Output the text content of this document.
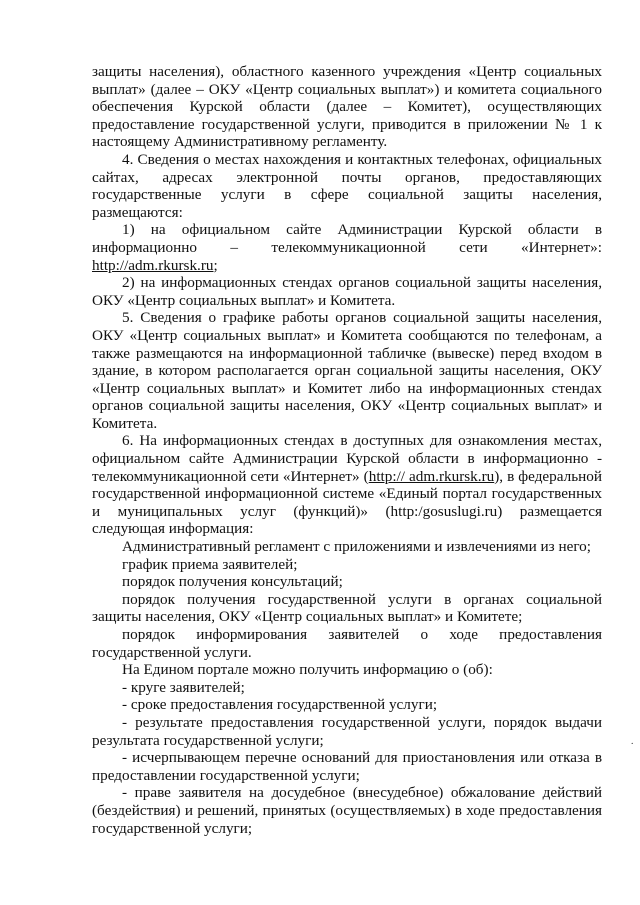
защиты населения), областного казенного учреждения «Центр социальных выплат» (далее – ОКУ «Центр социальных выплат») и комитета социального обеспечения Курской области (далее – Комитет), осуществляющих предоставление государственной услуги, приводится в приложении № 1 к настоящему Административному регламенту.

4. Сведения о местах нахождения и контактных телефонах, официальных сайтах, адресах электронной почты органов, предоставляющих государственные услуги в сфере социальной защиты населения, размещаются:

1) на официальном сайте Администрации Курской области в информационно – телекоммуникационной сети «Интернет»: http://adm.rkursk.ru;

2) на информационных стендах органов социальной защиты населения, ОКУ «Центр социальных выплат» и Комитета.

5. Сведения о графике работы органов социальной защиты населения, ОКУ «Центр социальных выплат» и Комитета сообщаются по телефонам, а также размещаются на информационной табличке (вывеске) перед входом в здание, в котором располагается орган социальной защиты населения, ОКУ «Центр социальных выплат» и Комитет либо на информационных стендах органов социальной защиты населения, ОКУ «Центр социальных выплат» и Комитета.

6. На информационных стендах в доступных для ознакомления местах, официальном сайте Администрации Курской области в информационно - телекоммуникационной сети «Интернет» (http:// adm.rkursk.ru), в федеральной государственной информационной системе «Единый портал государственных и муниципальных услуг (функций)» (http:/gosuslugi.ru) размещается следующая информация:

Административный регламент с приложениями и извлечениями из него;

график приема заявителей;

порядок получения консультаций;

порядок получения государственной услуги в органах социальной защиты населения, ОКУ «Центр социальных выплат» и Комитете;

порядок информирования заявителей о ходе предоставления государственной услуги.

На Едином портале можно получить информацию о (об):

- круге заявителей;

- сроке предоставления государственной услуги;

- результате предоставления государственной услуги, порядок выдачи результата государственной услуги;

- исчерпывающем перечне оснований для приостановления или отказа в предоставлении государственной услуги;

- праве заявителя на досудебное (внесудебное) обжалование действий (бездействия) и решений, принятых (осуществляемых) в ходе предоставления государственной услуги;

·
